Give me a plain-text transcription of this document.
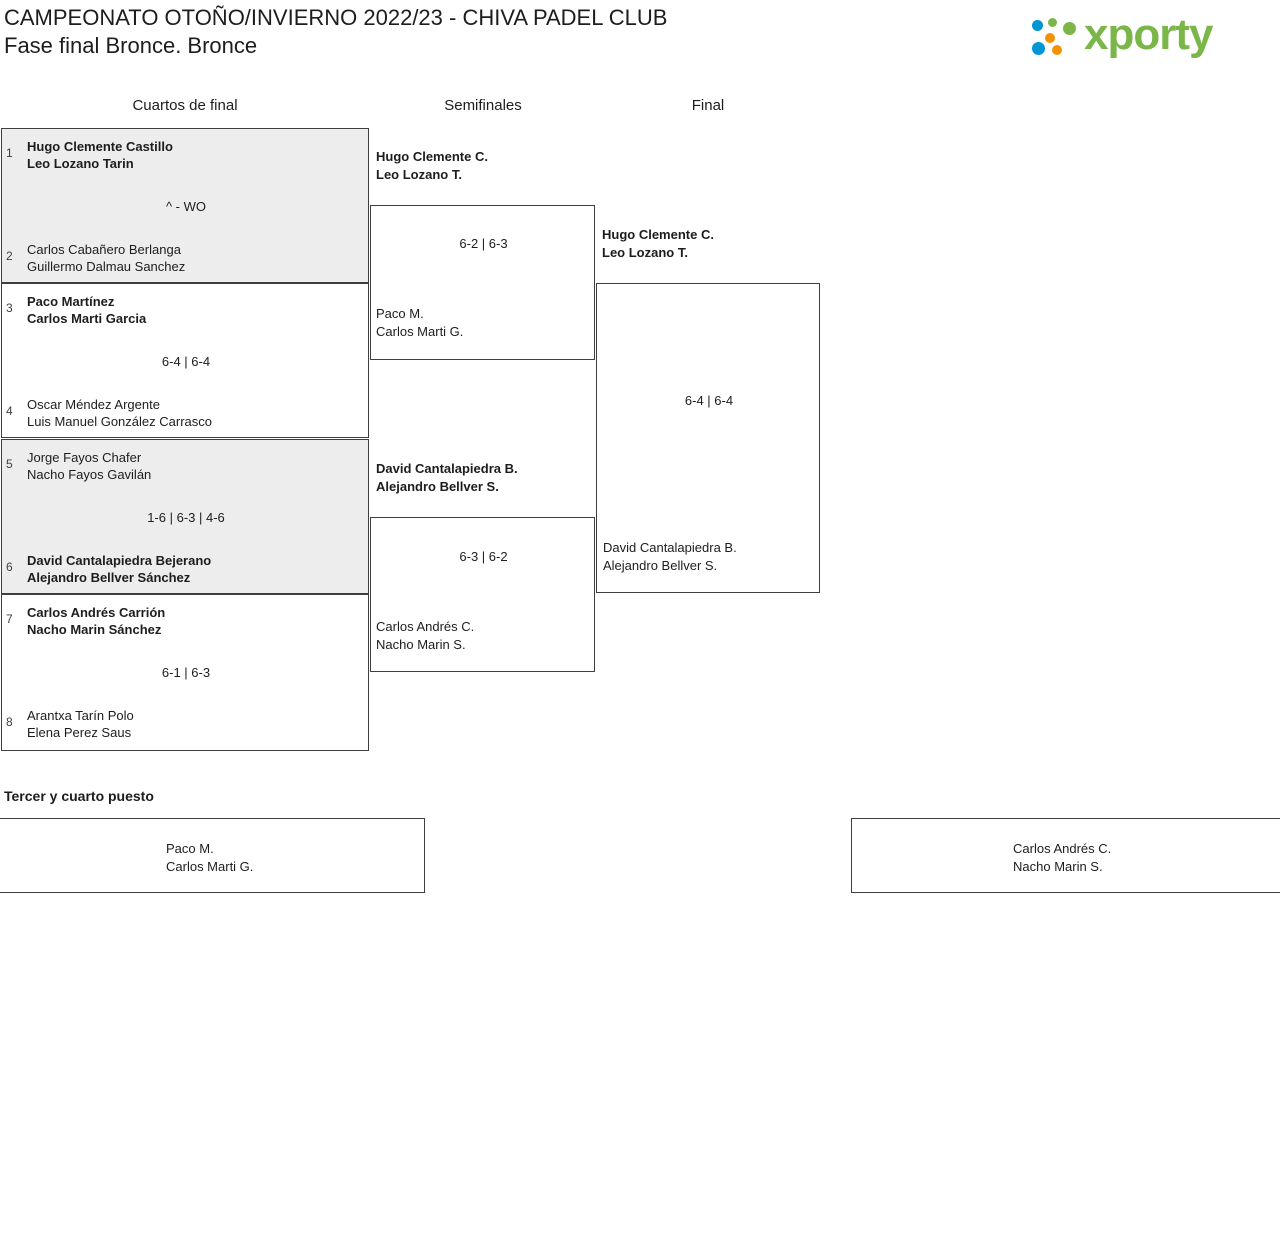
CAMPEONATO OTOÑO/INVIERNO 2022/23 - CHIVA PADEL CLUB
Fase final Bronce. Bronce	xporty
Cuartos de final	Semifinales	Final
1 Hugo Clemente Castillo
Leo Lozano Tarin
^ - WO
2 Carlos Cabañero Berlanga
Guillermo Dalmau Sanchez
3 Paco Martínez
Carlos Marti Garcia
6-4 | 6-4
4 Oscar Méndez Argente
Luis Manuel González Carrasco
5 Jorge Fayos Chafer
Nacho Fayos Gavilán
1-6 | 6-3 | 4-6
6 David Cantalapiedra Bejerano
Alejandro Bellver Sánchez
7 Carlos Andrés Carrión
Nacho Marin Sánchez
6-1 | 6-3
8 Arantxa Tarín Polo
Elena Perez Saus
Hugo Clemente C.
Leo Lozano T.
6-2 | 6-3
Paco M.
Carlos Marti G.
David Cantalapiedra B.
Alejandro Bellver S.
6-3 | 6-2
Carlos Andrés C.
Nacho Marin S.
Hugo Clemente C.
Leo Lozano T.
6-4 | 6-4
David Cantalapiedra B.
Alejandro Bellver S.
Tercer y cuarto puesto
Paco M.
Carlos Marti G.
Carlos Andrés C.
Nacho Marin S.
